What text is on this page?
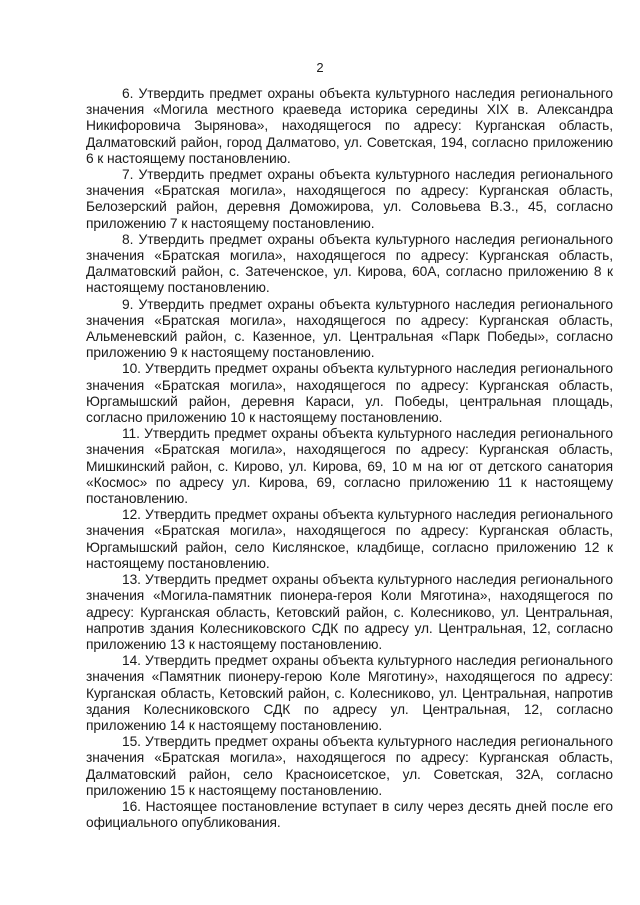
2

6. Утвердить предмет охраны объекта культурного наследия регионального значения «Могила местного краеведа историка середины XIX в. Александра Никифоровича Зырянова», находящегося по адресу: Курганская область, Далматовский район, город Далматово, ул. Советская, 194, согласно приложению 6 к настоящему постановлению.

7. Утвердить предмет охраны объекта культурного наследия регионального значения «Братская могила», находящегося по адресу: Курганская область, Белозерский район, деревня Доможирова, ул. Соловьева В.З., 45, согласно приложению 7 к настоящему постановлению.

8. Утвердить предмет охраны объекта культурного наследия регионального значения «Братская могила», находящегося по адресу: Курганская область, Далматовский район, с. Затеченское, ул. Кирова, 60А, согласно приложению 8 к настоящему постановлению.

9. Утвердить предмет охраны объекта культурного наследия регионального значения «Братская могила», находящегося по адресу: Курганская область, Альменевский район, с. Казенное, ул. Центральная «Парк Победы», согласно приложению 9 к настоящему постановлению.

10. Утвердить предмет охраны объекта культурного наследия регионального значения «Братская могила», находящегося по адресу: Курганская область, Юргамышский район, деревня Караси, ул. Победы, центральная площадь, согласно приложению 10 к настоящему постановлению.

11. Утвердить предмет охраны объекта культурного наследия регионального значения «Братская могила», находящегося по адресу: Курганская область, Мишкинский район, с. Кирово, ул. Кирова, 69, 10 м на юг от детского санатория «Космос» по адресу ул. Кирова, 69, согласно приложению 11 к настоящему постановлению.

12. Утвердить предмет охраны объекта культурного наследия регионального значения «Братская могила», находящегося по адресу: Курганская область, Юргамышский район, село Кислянское, кладбище, согласно приложению 12 к настоящему постановлению.

13. Утвердить предмет охраны объекта культурного наследия регионального значения «Могила-памятник пионера-героя Коли Мяготина», находящегося по адресу: Курганская область, Кетовский район, с. Колесниково, ул. Центральная, напротив здания Колесниковского СДК по адресу ул. Центральная, 12, согласно приложению 13 к настоящему постановлению.

14. Утвердить предмет охраны объекта культурного наследия регионального значения «Памятник пионеру-герою Коле Мяготину», находящегося по адресу: Курганская область, Кетовский район, с. Колесниково, ул. Центральная, напротив здания Колесниковского СДК по адресу ул. Центральная, 12, согласно приложению 14 к настоящему постановлению.

15. Утвердить предмет охраны объекта культурного наследия регионального значения «Братская могила», находящегося по адресу: Курганская область, Далматовский район, село Красноисетское, ул. Советская, 32А, согласно приложению 15 к настоящему постановлению.

16. Настоящее постановление вступает в силу через десять дней после его официального опубликования.
